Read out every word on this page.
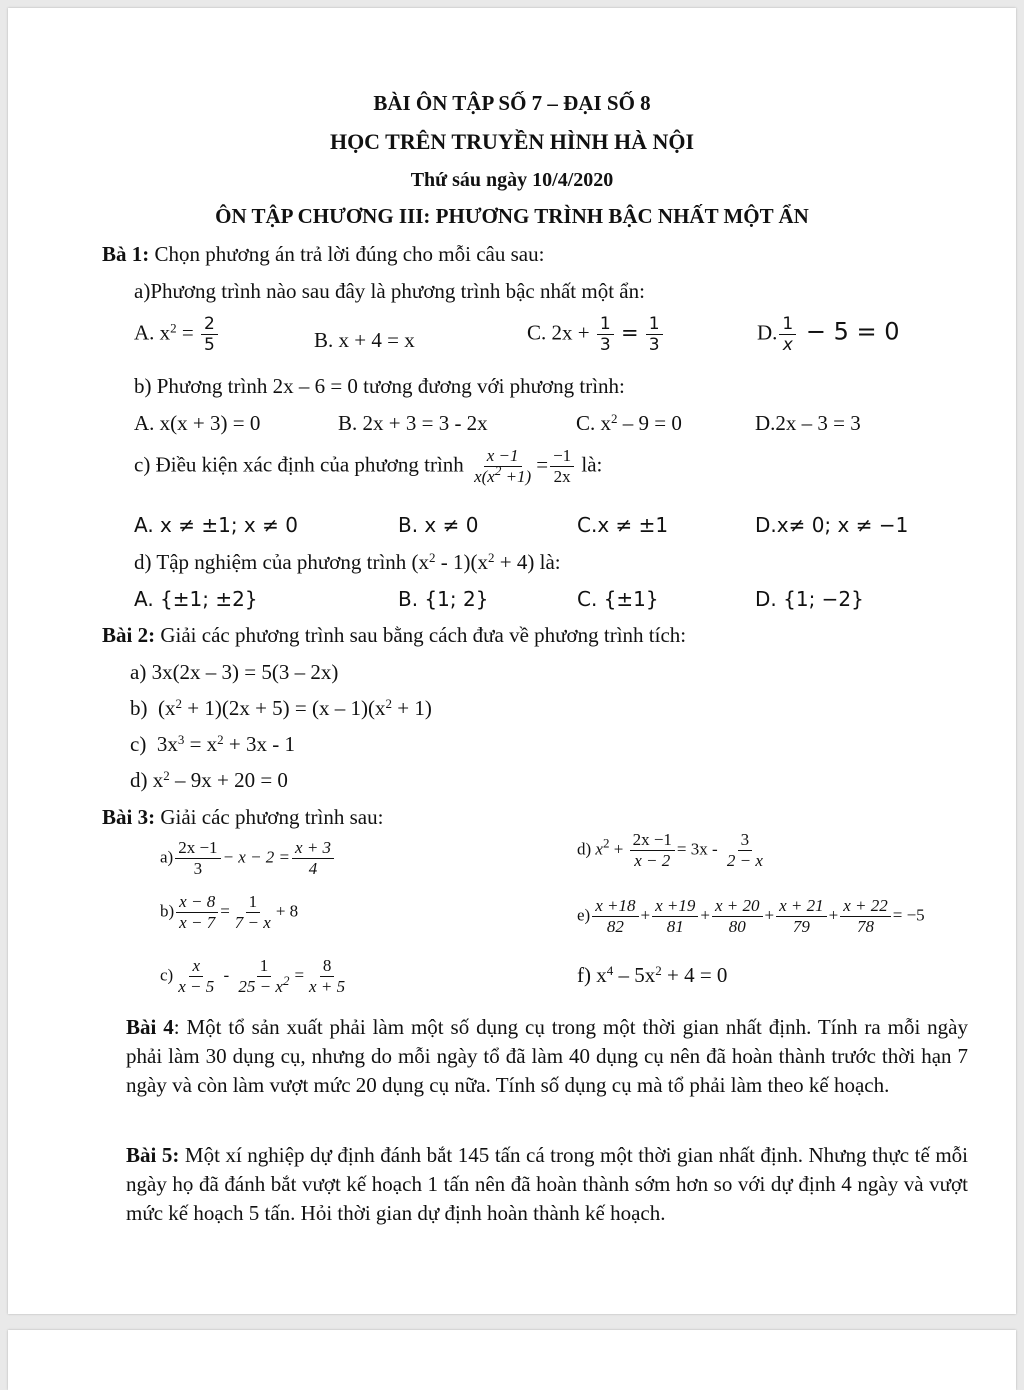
BÀI ÔN TẬP SỐ 7 – ĐẠI SỐ 8
HỌC TRÊN TRUYỀN HÌNH HÀ NỘI
Thứ sáu ngày 10/4/2020
ÔN TẬP CHƯƠNG III: PHƯƠNG TRÌNH BẬC NHẤT MỘT ẨN
Bà 1: Chọn phương án trả lời đúng cho mỗi câu sau:
a)Phương trình nào sau đây là phương trình bậc nhất một ẩn:
A. $x^2 = \frac{2}{5}$	B. x + 4 = x	C. $2x + \frac{1}{3} = \frac{1}{3}$	D. $\frac{1}{x} - 5 = 0$
b) Phương trình 2x – 6 = 0 tương đương với phương trình:
A. x(x + 3) = 0	B. 2x + 3 = 3 - 2x	C. $x^2 - 9 = 0$	D.2x – 3 = 3
c) Điều kiện xác định của phương trình $\frac{x -1}{x(x^2 +1)} = \frac{-1}{2x}$ là:
A. x ≠ ±1; x ≠ 0	B. x ≠ 0	C.x ≠ ±1	D.x≠ 0; x ≠ −1
d) Tập nghiệm của phương trình $(x^2 - 1)(x^2 + 4)$ là:
A. {±1; ±2}	B. {1; 2}	C. {±1}	D. {1; −2}
Bài 2: Giải các phương trình sau bằng cách đưa về phương trình tích:
a) 3x(2x – 3) = 5(3 – 2x)
b)  $(x^2 + 1)(2x + 5) = (x - 1)(x^2 + 1)$
c)  $3x^3 = x^2 + 3x - 1$
d) $x^2 - 9x + 20 = 0$
Bài 3: Giải các phương trình sau:
$a) \frac{2x -1}{3} - x - 2 = \frac{x + 3}{4}$	d) $x^2 + \frac{2x -1}{x - 2} = 3x - \frac{3}{2 - x}$
$b) \frac{x - 8}{x - 7} = \frac{1}{7 - x} + 8$	$e) \frac{x +18}{82} + \frac{x +19}{81} + \frac{x + 20}{80} + \frac{x + 21}{79} + \frac{x + 22}{78} = -5$
$c) \frac{x}{x - 5} - \frac{1}{25 - x^2} = \frac{8}{x + 5}$	f) $x^4 - 5x^2 + 4 = 0$

Bài 4: Một tổ sản xuất phải làm một số dụng cụ trong một thời gian nhất định. Tính ra mỗi ngày phải làm 30 dụng cụ, nhưng do mỗi ngày tổ đã làm 40 dụng cụ nên đã hoàn thành trước thời hạn 7 ngày và còn làm vượt mức 20 dụng cụ nữa. Tính số dụng cụ mà tổ phải làm theo kế hoạch.

Bài 5: Một xí nghiệp dự định đánh bắt 145 tấn cá trong một thời gian nhất định. Nhưng thực tế mỗi ngày họ đã đánh bắt vượt kế hoạch 1 tấn nên đã hoàn thành sớm hơn so với dự định 4 ngày và vượt mức kế hoạch 5 tấn. Hỏi thời gian dự định hoàn thành kế hoạch.
